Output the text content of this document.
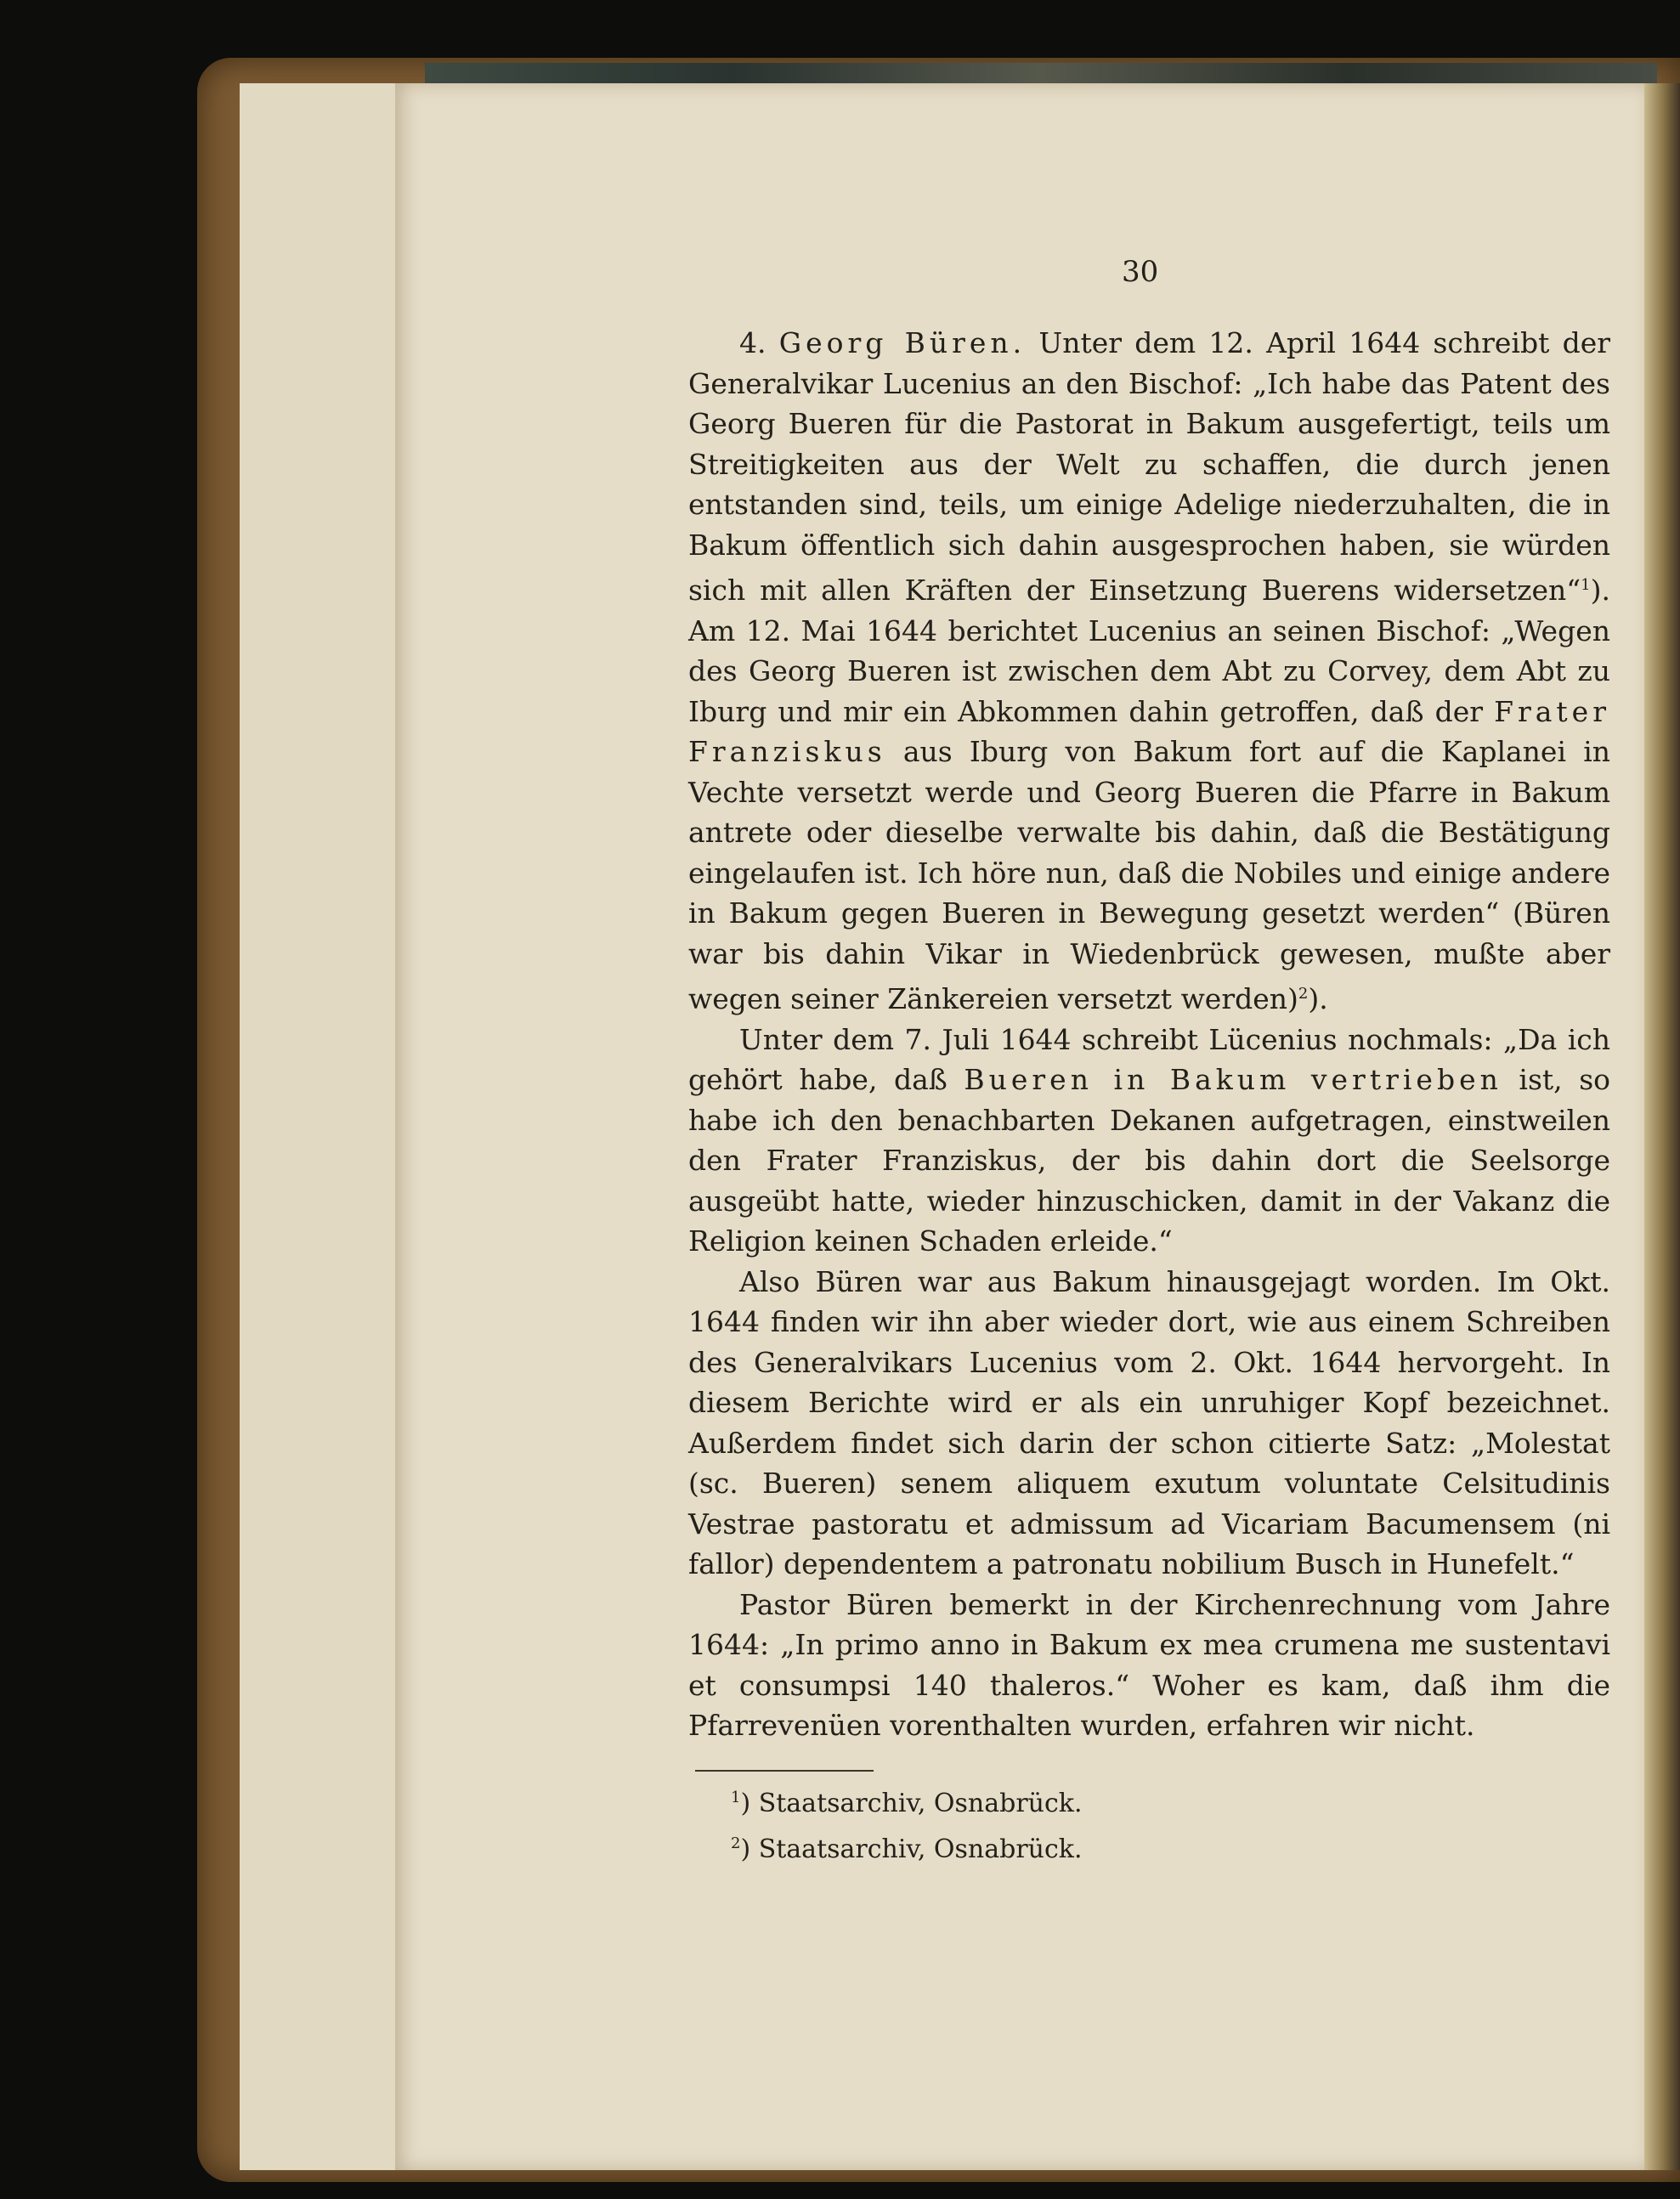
30

4. Georg Büren. Unter dem 12. April 1644 schreibt der Generalvikar Lucenius an den Bischof: „Ich habe das Patent des Georg Bueren für die Pastorat in Bakum ausgefertigt, teils um Streitigkeiten aus der Welt zu schaffen, die durch jenen entstanden sind, teils, um einige Adelige niederzuhalten, die in Bakum öffentlich sich dahin ausgesprochen haben, sie würden sich mit allen Kräften der Einsetzung Buerens widersetzen“$^1$). Am 12. Mai 1644 berichtet Lucenius an seinen Bischof: „Wegen des Georg Bueren ist zwischen dem Abt zu Corvey, dem Abt zu Iburg und mir ein Abkommen dahin getroffen, daß der Frater Franziskus aus Iburg von Bakum fort auf die Kaplanei in Vechte versetzt werde und Georg Bueren die Pfarre in Bakum antrete oder dieselbe verwalte bis dahin, daß die Bestätigung eingelaufen ist. Ich höre nun, daß die Nobiles und einige andere in Bakum gegen Bueren in Bewegung gesetzt werden“ (Büren war bis dahin Vikar in Wiedenbrück gewesen, mußte aber wegen seiner Zänkereien versetzt werden)$^2$).

Unter dem 7. Juli 1644 schreibt Lücenius nochmals: „Da ich gehört habe, daß Bueren in Bakum vertrieben ist, so habe ich den benachbarten Dekanen aufgetragen, einstweilen den Frater Franziskus, der bis dahin dort die Seelsorge ausgeübt hatte, wieder hinzuschicken, damit in der Vakanz die Religion keinen Schaden erleide.“

Also Büren war aus Bakum hinausgejagt worden. Im Okt. 1644 finden wir ihn aber wieder dort, wie aus einem Schreiben des Generalvikars Lucenius vom 2. Okt. 1644 hervorgeht. In diesem Berichte wird er als ein unruhiger Kopf bezeichnet. Außerdem findet sich darin der schon citierte Satz: „Molestat (sc. Bueren) senem aliquem exutum voluntate Celsitudinis Vestrae pastoratu et admissum ad Vicariam Bacumensem (ni fallor) dependentem a patronatu nobilium Busch in Hunefelt.“

Pastor Büren bemerkt in der Kirchenrechnung vom Jahre 1644: „In primo anno in Bakum ex mea crumena me sustentavi et consumpsi 140 thaleros.“ Woher es kam, daß ihm die Pfarrevenüen vorenthalten wurden, erfahren wir nicht.

$^1$) Staatsarchiv, Osnabrück.
$^2$) Staatsarchiv, Osnabrück.
